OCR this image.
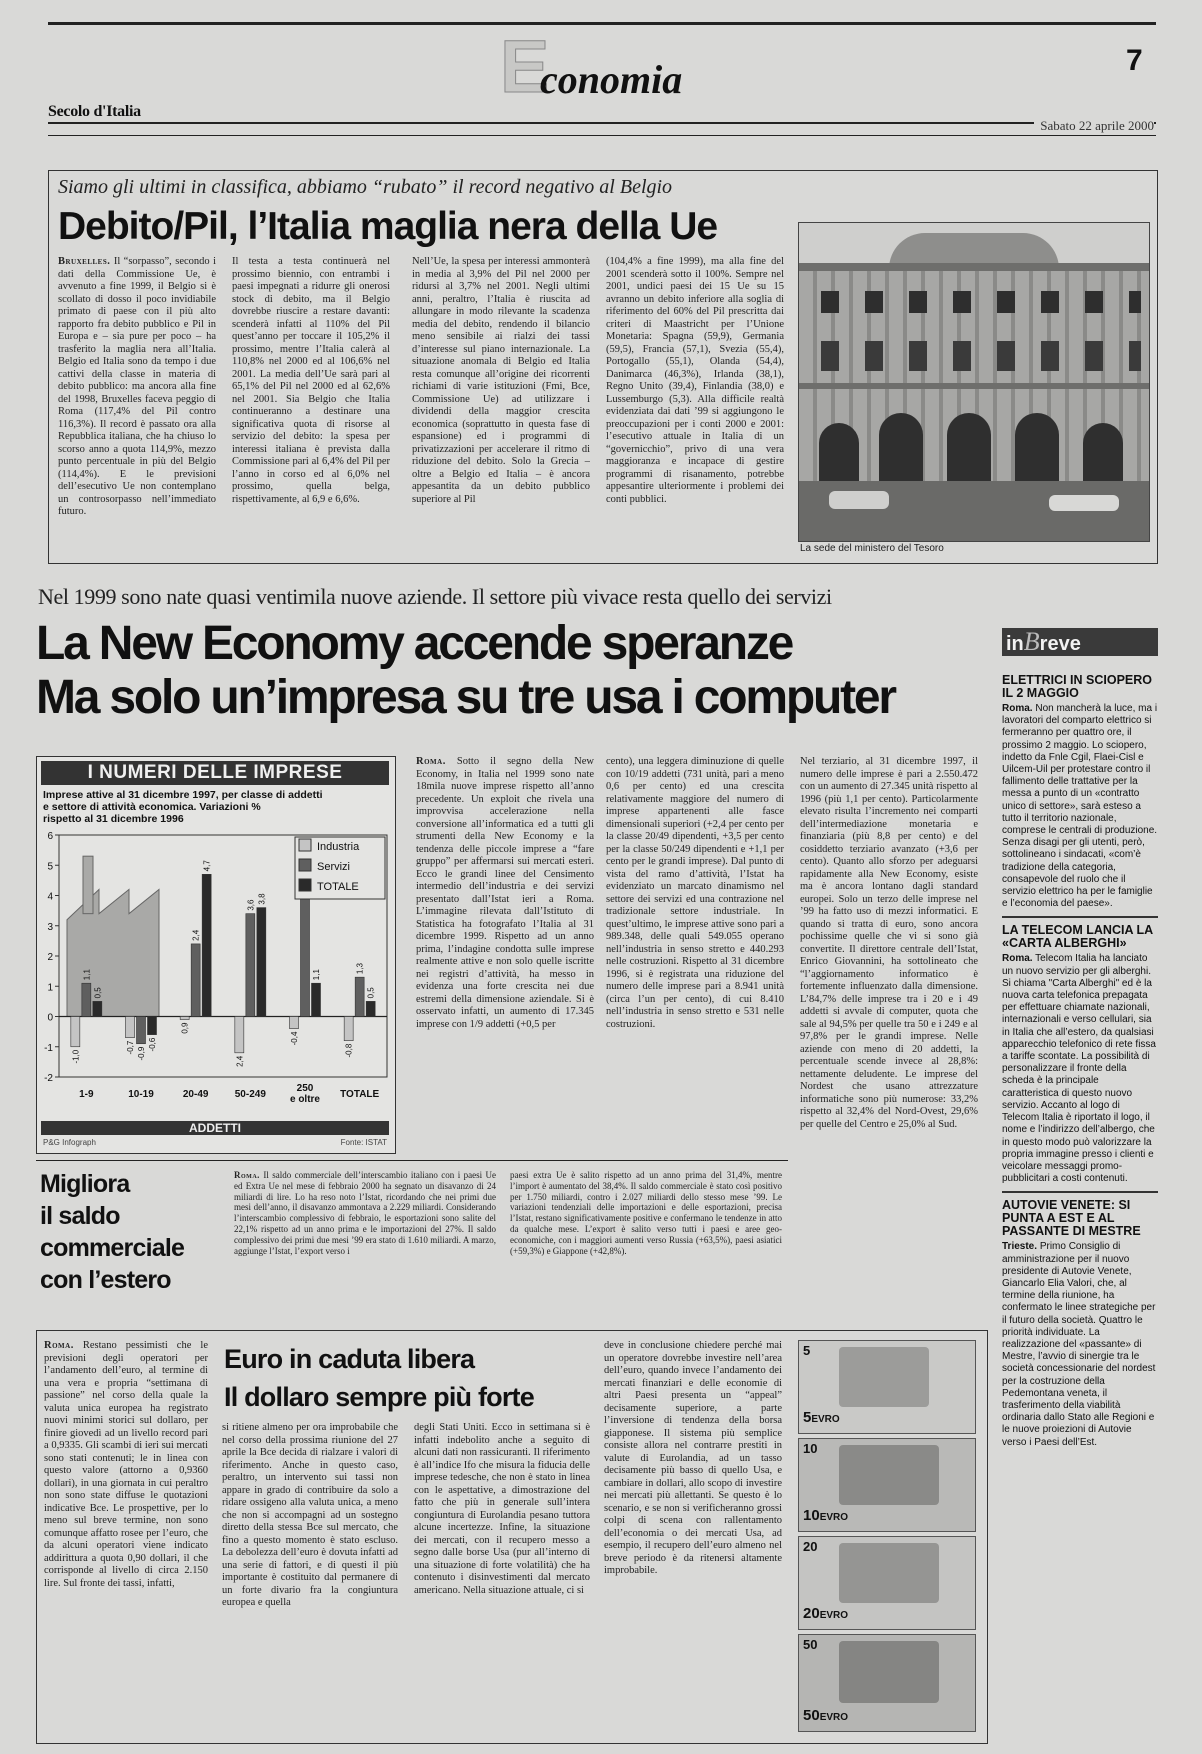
7
E
conomia
Secolo d'Italia
Sabato 22 aprile 2000
Siamo gli ultimi in classifica, abbiamo “rubato” il record negativo al Belgio
Debito/Pil, l’Italia maglia nera della Ue

Bruxelles. Il “sorpasso”, secondo i dati della Commissione Ue, è avvenuto a fine 1999, il Belgio si è scollato di dosso il poco invidiabile primato di paese con il più alto rapporto fra debito pubblico e Pil in Europa e – sia pure per poco – ha trasferito la maglia nera all’Italia. Belgio ed Italia sono da tempo i due cattivi della classe in materia di debito pubblico: ma ancora alla fine del 1998, Bruxelles faceva peggio di Roma (117,4% del Pil contro 116,3%). Il record è passato ora alla Repubblica italiana, che ha chiuso lo scorso anno a quota 114,9%, mezzo punto percentuale in più del Belgio (114,4%). E le previsioni dell’esecutivo Ue non contemplano un controsorpasso nell’immediato futuro.

Il testa a testa continuerà nel prossimo biennio, con entrambi i paesi impegnati a ridurre gli onerosi stock di debito, ma il Belgio dovrebbe riuscire a restare davanti: scenderà infatti al 110% del Pil quest’anno per toccare il 105,2% il prossimo, mentre l’Italia calerà al 110,8% nel 2000 ed al 106,6% nel 2001. La media dell’Ue sarà pari al 65,1% del Pil nel 2000 ed al 62,6% nel 2001. Sia Belgio che Italia continueranno a destinare una significativa quota di risorse al servizio del debito: la spesa per interessi italiana è prevista dalla Commissione pari al 6,4% del Pil per l’anno in corso ed al 6,0% nel prossimo, quella belga, rispettivamente, al 6,9 e 6,6%.

Nell’Ue, la spesa per interessi ammonterà in media al 3,9% del Pil nel 2000 per ridursi al 3,7% nel 2001. Negli ultimi anni, peraltro, l’Italia è riuscita ad allungare in modo rilevante la scadenza media del debito, rendendo il bilancio meno sensibile ai rialzi dei tassi d’interesse sul piano internazionale. La situazione anomala di Belgio ed Italia resta comunque all’origine dei ricorrenti richiami di varie istituzioni (Fmi, Bce, Commissione Ue) ad utilizzare i dividendi della maggior crescita economica (soprattutto in questa fase di espansione) ed i programmi di privatizzazioni per accelerare il ritmo di riduzione del debito. Solo la Grecia – oltre a Belgio ed Italia – è ancora appesantita da un debito pubblico superiore al Pil

(104,4% a fine 1999), ma alla fine del 2001 scenderà sotto il 100%. Sempre nel 2001, undici paesi dei 15 Ue su 15 avranno un debito inferiore alla soglia di riferimento del 60% del Pil prescritta dai criteri di Maastricht per l’Unione Monetaria: Spagna (59,9), Germania (59,5), Francia (57,1), Svezia (55,4), Portogallo (55,1), Olanda (54,4), Danimarca (46,3%), Irlanda (38,1), Regno Unito (39,4), Finlandia (38,0) e Lussemburgo (5,3). Alla difficile realtà evidenziata dai dati ’99 si aggiungono le preoccupazioni per i conti 2000 e 2001: l’esecutivo attuale in Italia di un “governicchio”, privo di una vera maggioranza e incapace di gestire programmi di risanamento, potrebbe appesantire ulteriormente i problemi dei conti pubblici.

La sede del ministero del Tesoro
Nel 1999 sono nate quasi ventimila nuove aziende. Il settore più vivace resta quello dei servizi
La New Economy accende speranze
Ma solo un’impresa su tre usa i computer
I NUMERI DELLE IMPRESE
Imprese attive al 31 dicembre 1997, per classe di addetti
e settore di attività economica. Variazioni %
rispetto al 31 dicembre 1996
-1,0
1,1
0,5
-0,7 -0,9
-0,6
0,9
2,4
4,7
2,4
3,6
3,8
-0,4
1,1
-0,8
1,3
0,5
-2
-1
0
1
2
3
4
5
6
1-9	10-19	20-49	50-249
250
e oltre TOTALE
Industria
Servizi
TOTALE
ADDETTI
P&G Infograph	Fonte: ISTAT

Roma. Sotto il segno della New Economy, in Italia nel 1999 sono nate 18mila nuove imprese rispetto all’anno precedente. Un exploit che rivela una improvvisa accelerazione nella conversione all’informatica ed a tutti gli strumenti della New Economy e la tendenza delle piccole imprese a “fare gruppo” per affermarsi sui mercati esteri. Ecco le grandi linee del Censimento intermedio dell’industria e dei servizi presentato dall’Istat ieri a Roma. L’immagine rilevata dall’Istituto di Statistica ha fotografato l’Italia al 31 dicembre 1999. Rispetto ad un anno prima, l’indagine condotta sulle imprese realmente attive e non solo quelle iscritte nei registri d’attività, ha messo in evidenza una forte crescita nei due estremi della dimensione aziendale. Si è osservato infatti, un aumento di 17.345 imprese con 1/9 addetti (+0,5 per

cento), una leggera diminuzione di quelle con 10/19 addetti (731 unità, pari a meno 0,6 per cento) ed una crescita relativamente maggiore del numero di imprese appartenenti alle fasce dimensionali superiori (+2,4 per cento per la classe 20/49 dipendenti, +3,5 per cento per la classe 50/249 dipendenti e +1,1 per cento per le grandi imprese). Dal punto di vista del ramo d’attività, l’Istat ha evidenziato un marcato dinamismo nel settore dei servizi ed una contrazione nel tradizionale settore industriale. In quest’ultimo, le imprese attive sono pari a 989.348, delle quali 549.055 operano nell’industria in senso stretto e 440.293 nelle costruzioni. Rispetto al 31 dicembre 1996, si è registrata una riduzione del numero delle imprese pari a 8.941 unità (circa l’un per cento), di cui 8.410 nell’industria in senso stretto e 531 nelle costruzioni.

Nel terziario, al 31 dicembre 1997, il numero delle imprese è pari a 2.550.472 con un aumento di 27.345 unità rispetto al 1996 (più 1,1 per cento). Particolarmente elevato risulta l’incremento nei comparti dell’intermediazione monetaria e finanziaria (più 8,8 per cento) e del cosiddetto terziario avanzato (+3,6 per cento). Quanto allo sforzo per adeguarsi rapidamente alla New Economy, esiste ma è ancora lontano dagli standard europei. Solo un terzo delle imprese nel ’99 ha fatto uso di mezzi informatici. E quando si tratta di euro, sono ancora pochissime quelle che vi si sono già convertite. Il direttore centrale dell’Istat, Enrico Giovannini, ha sottolineato che “l’aggiornamento informatico è fortemente influenzato dalla dimensione. L’84,7% delle imprese tra i 20 e i 49 addetti si avvale di computer, quota che sale al 94,5% per quelle tra 50 e i 249 e al 97,8% per le grandi imprese. Nelle aziende con meno di 20 addetti, la percentuale scende invece al 28,8%: nettamente deludente. Le imprese del Nordest che usano attrezzature informatiche sono più numerose: 33,2% rispetto al 32,4% del Nord-Ovest, 29,6% per quelle del Centro e 25,0% al Sud.

Migliora
il saldo
commerciale
con l’estero

Roma. Il saldo commerciale dell’interscambio italiano con i paesi Ue ed Extra Ue nel mese di febbraio 2000 ha segnato un disavanzo di 24 miliardi di lire. Lo ha reso noto l’Istat, ricordando che nei primi due mesi dell’anno, il disavanzo ammontava a 2.229 miliardi. Considerando l’interscambio complessivo di febbraio, le esportazioni sono salite del 22,1% rispetto ad un anno prima e le importazioni del 27%. Il saldo complessivo dei primi due mesi ’99 era stato di 1.610 miliardi. A marzo, aggiunge l’Istat, l’export verso i

paesi extra Ue è salito rispetto ad un anno prima del 31,4%, mentre l’import è aumentato del 38,4%. Il saldo commerciale è stato così positivo per 1.750 miliardi, contro i 2.027 miliardi dello stesso mese ’99. Le variazioni tendenziali delle importazioni e delle esportazioni, precisa l’Istat, restano significativamente positive e confermano le tendenze in atto da qualche mese. L’export è salito verso tutti i paesi e aree geo-economiche, con i maggiori aumenti verso Russia (+63,5%), paesi asiatici (+59,3%) e Giappone (+42,8%).

Roma. Restano pessimisti che le previsioni degli operatori per l’andamento dell’euro, al termine di una vera e propria “settimana di passione” nel corso della quale la valuta unica europea ha registrato nuovi minimi storici sul dollaro, per finire giovedì ad un livello record pari a 0,9335. Gli scambi di ieri sui mercati sono stati contenuti; le in linea con questo valore (attorno a 0,9360 dollari), in una giornata in cui peraltro non sono state diffuse le quotazioni indicative Bce. Le prospettive, per lo meno sul breve termine, non sono comunque affatto rosee per l’euro, che da alcuni operatori viene indicato addirittura a quota 0,90 dollari, il che corrisponde al livello di circa 2.150 lire. Sul fronte dei tassi, infatti,

Euro in caduta libera
Il dollaro sempre più forte

si ritiene almeno per ora improbabile che nel corso della prossima riunione del 27 aprile la Bce decida di rialzare i valori di riferimento. Anche in questo caso, peraltro, un intervento sui tassi non appare in grado di contribuire da solo a ridare ossigeno alla valuta unica, a meno che non si accompagni ad un sostegno diretto della stessa Bce sul mercato, che fino a questo momento è stato escluso. La debolezza dell’euro è dovuta infatti ad una serie di fattori, e di questi il più importante è costituito dal permanere di un forte divario fra la congiuntura europea e quella

degli Stati Uniti. Ecco in settimana si è infatti indebolito anche a seguito di alcuni dati non rassicuranti. Il riferimento è all’indice Ifo che misura la fiducia delle imprese tedesche, che non è stato in linea con le aspettative, a dimostrazione del fatto che più in generale sull’intera congiuntura di Eurolandia pesano tuttora alcune incertezze. Infine, la situazione dei mercati, con il recupero messo a segno dalle borse Usa (pur all’interno di una situazione di forte volatilità) che ha contenuto i disinvestimenti dal mercato americano. Nella situazione attuale, ci si

deve in conclusione chiedere perché mai un operatore dovrebbe investire nell’area dell’euro, quando invece l’andamento dei mercati finanziari e delle economie di altri Paesi presenta un “appeal” decisamente superiore, a parte l’inversione di tendenza della borsa giapponese. Il sistema più semplice consiste allora nel contrarre prestiti in valute di Eurolandia, ad un tasso decisamente più basso di quello Usa, e cambiare in dollari, allo scopo di investire nei mercati più allettanti. Se questo è lo scenario, e se non si verificheranno grossi colpi di scena con rallentamento dell’economia o dei mercati Usa, ad esempio, il recupero dell’euro almeno nel breve periodo è da ritenersi altamente improbabile.

5
5EVRO
10
10EVRO
20
20EVRO
50
50EVRO
inBreve
ELETTRICI IN SCIOPERO IL 2 MAGGIO

Roma. Non mancherà la luce, ma i lavoratori del comparto elettrico si fermeranno per quattro ore, il prossimo 2 maggio. Lo sciopero, indetto da Fnle Cgil, Flaei-Cisl e Uilcem-Uil per protestare contro il fallimento delle trattative per la messa a punto di un «contratto unico di settore», sarà esteso a tutto il territorio nazionale, comprese le centrali di produzione. Senza disagi per gli utenti, però, sottolineano i sindacati, «com’è tradizione della categoria, consapevole del ruolo che il servizio elettrico ha per le famiglie e l’economia del paese».

LA TELECOM LANCIA LA «CARTA ALBERGHI»

Roma. Telecom Italia ha lanciato un nuovo servizio per gli alberghi. Si chiama "Carta Alberghi" ed è la nuova carta telefonica prepagata per effettuare chiamate nazionali, internazionali e verso cellulari, sia in Italia che all’estero, da qualsiasi apparecchio telefonico di rete fissa a tariffe scontate. La possibilità di personalizzare il fronte della scheda è la principale caratteristica di questo nuovo servizio. Accanto al logo di Telecom Italia è riportato il logo, il nome e l’indirizzo dell’albergo, che in questo modo può valorizzare la propria immagine presso i clienti e veicolare messaggi promo-pubblicitari a costi contenuti.

AUTOVIE VENETE: SI PUNTA A EST E AL PASSANTE DI MESTRE

Trieste. Primo Consiglio di amministrazione per il nuovo presidente di Autovie Venete, Giancarlo Elia Valori, che, al termine della riunione, ha confermato le linee strategiche per il futuro della società. Quattro le priorità individuate. La realizzazione del «passante» di Mestre, l’avvio di sinergie tra le società concessionarie del nordest per la costruzione della Pedemontana veneta, il trasferimento della viabilità ordinaria dallo Stato alle Regioni e le nuove proiezioni di Autovie verso i Paesi dell’Est.
